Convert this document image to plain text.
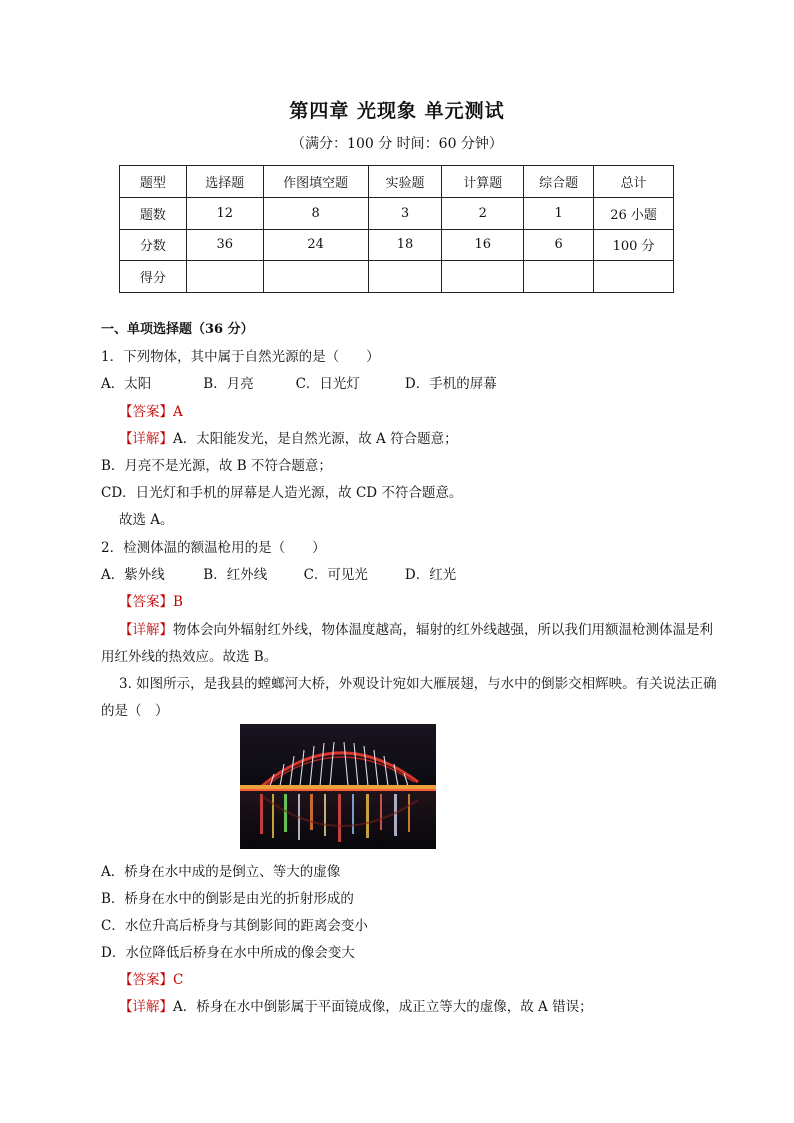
第四章 光现象 单元测试
（满分：100 分 时间：60 分钟）
题型	选择题	作图填空题	实验题	计算题	综合题	总计
题数	12	8	3	2	1	26 小题
分数	36	24	18	16	6	100 分
得分						
一、单项选择题（36 分）
1．下列物体，其中属于自然光源的是（　　）
A．太阳	B．月亮	C．日光灯	D．手机的屏幕
【答案】A
【详解】A．太阳能发光，是自然光源，故 A 符合题意；
B．月亮不是光源，故 B 不符合题意；
CD．日光灯和手机的屏幕是人造光源，故 CD 不符合题意。
故选 A。
2．检测体温的额温枪用的是（　　）
A．紫外线	B．红外线	C．可见光	D．红光
【答案】B
【详解】物体会向外辐射红外线，物体温度越高，辐射的红外线越强，所以我们用额温枪测体温是利
用红外线的热效应。故选 B。
3. 如图所示，是我县的螳螂河大桥，外观设计宛如大雁展翅，与水中的倒影交相辉映。有关说法正确
的是（　）
A．桥身在水中成的是倒立、等大的虚像
B．桥身在水中的倒影是由光的折射形成的
C．水位升高后桥身与其倒影间的距离会变小
D．水位降低后桥身在水中所成的像会变大
【答案】C
【详解】A．桥身在水中倒影属于平面镜成像，成正立等大的虚像，故 A 错误；
